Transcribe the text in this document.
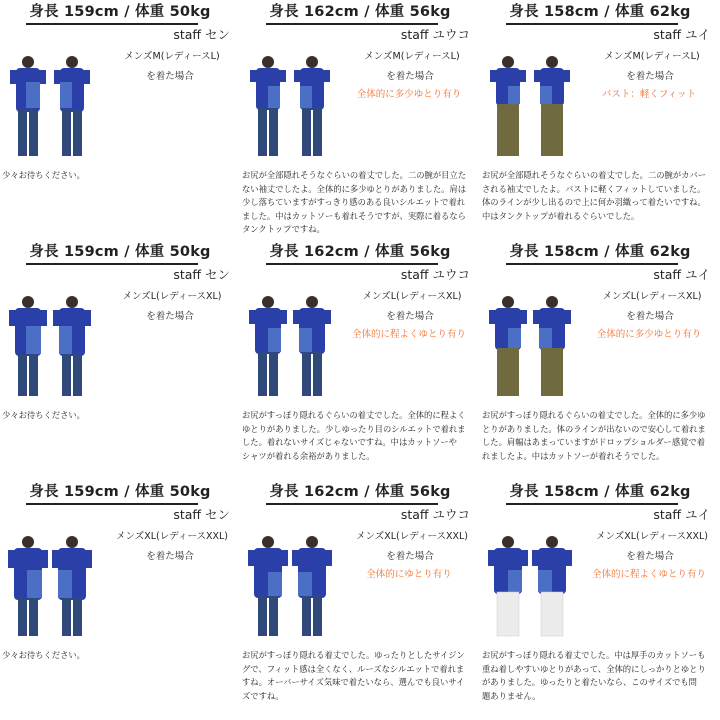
身長 159cm / 体重 50kg
staff セン
メンズM(レディースL)
を着た場合
少々お待ちください。
身長 162cm / 体重 56kg
staff ユウコ
メンズM(レディースL)
を着た場合
全体的に多少ゆとり有り
お尻が全部隠れそうなぐらいの着丈でした。二の腕が目立た
ない袖丈でしたよ。全体的に多少ゆとりがありました。肩は
少し落ちていますがすっきり感のある良いシルエットで着れ
ました。中はカットソーも着れそうですが、実際に着るなら
タンクトップですね。
身長 158cm / 体重 62kg
staff ユイ
メンズM(レディースL)
を着た場合
バスト：軽くフィット
お尻が全部隠れそうなぐらいの着丈でした。二の腕がカバー
される袖丈でしたよ。バストに軽くフィットしていました。
体のラインが少し出るので上に何か羽織って着たいですね。
中はタンクトップが着れるぐらいでした。
身長 159cm / 体重 50kg
staff セン
メンズL(レディースXL)
を着た場合
少々お待ちください。
身長 162cm / 体重 56kg
staff ユウコ
メンズL(レディースXL)
を着た場合
全体的に程よくゆとり有り
お尻がすっぽり隠れるぐらいの着丈でした。全体的に程よく
ゆとりがありました。少しゆったり目のシルエットで着れま
した。着れないサイズじゃないですね。中はカットソーや
シャツが着れる余裕がありました。
身長 158cm / 体重 62kg
staff ユイ
メンズL(レディースXL)
を着た場合
全体的に多少ゆとり有り
お尻がすっぽり隠れるぐらいの着丈でした。全体的に多少ゆ
とりがありました。体のラインが出ないので安心して着れま
した。肩幅はあまっていますがドロップショルダー感覚で着
れましたよ。中はカットソーが着れそうでした。
身長 159cm / 体重 50kg
staff セン
メンズXL(レディースXXL)
を着た場合
少々お待ちください。
身長 162cm / 体重 56kg
staff ユウコ
メンズXL(レディースXXL)
を着た場合
全体的にゆとり有り
お尻がすっぽり隠れる着丈でした。ゆったりとしたサイジン
グで、フィット感は全くなく、ルーズなシルエットで着れま
すね。オーバーサイズ気味で着たいなら、選んでも良いサイ
ズですね。
身長 158cm / 体重 62kg
staff ユイ
メンズXL(レディースXXL)
を着た場合
全体的に程よくゆとり有り
お尻がすっぽり隠れる着丈でした。中は厚手のカットソーも
重ね着しやすいゆとりがあって、全体的にしっかりとゆとり
がありました。ゆったりと着たいなら、このサイズでも問
題ありません。
